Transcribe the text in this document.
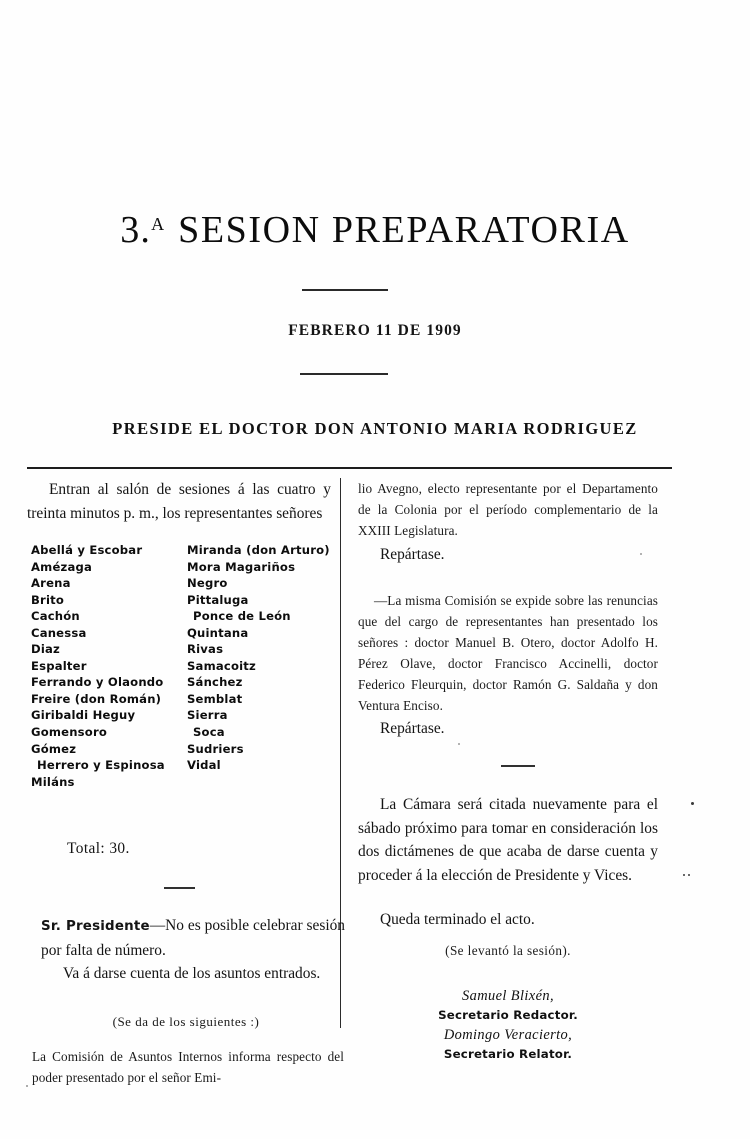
3.$^A$ SESION PREPARATORIA
FEBRERO 11 DE 1909
PRESIDE EL DOCTOR DON ANTONIO MARIA RODRIGUEZ

Entran al salón de sesiones á las cuatro y treinta minutos p. m., los representantes señores

Abellá y Escobar
Amézaga
Arena
Brito
Cachón
Canessa
Diaz
Espalter
Ferrando y Olaondo
Freire (don Román)
Giribaldi Heguy
Gomensoro
Gómez
Herrero y Espinosa
Miláns
Miranda (don Arturo)
Mora Magariños
Negro
Pittaluga
Ponce de León
Quintana
Rivas
Samacoitz
Sánchez
Semblat
Sierra
Soca
Sudriers
Vidal
Total: 30.

Sr. Presidente—No es posible celebrar sesión por falta de número.

Va á darse cuenta de los asuntos entrados.

(Se da de los siguientes :)

La Comisión de Asuntos Internos informa respecto del poder presentado por el señor Emi-

lio Avegno, electo representante por el Departamento de la Colonia por el período complementario de la XXIII Legislatura.

Repártase.

—La misma Comisión se expide sobre las renuncias que del cargo de representantes han presentado los señores : doctor Manuel B. Otero, doctor Adolfo H. Pérez Olave, doctor Francisco Accinelli, doctor Federico Fleurquin, doctor Ramón G. Saldaña y don Ventura Enciso.

Repártase.

La Cámara será citada nuevamente para el sábado próximo para tomar en consideración los dos dictámenes de que acaba de darse cuenta y proceder á la elección de Presidente y Vices.

Queda terminado el acto.

(Se levantó la sesión).
Samuel Blixén,
Secretario Redactor.
Domingo Veracierto,
Secretario Relator.
